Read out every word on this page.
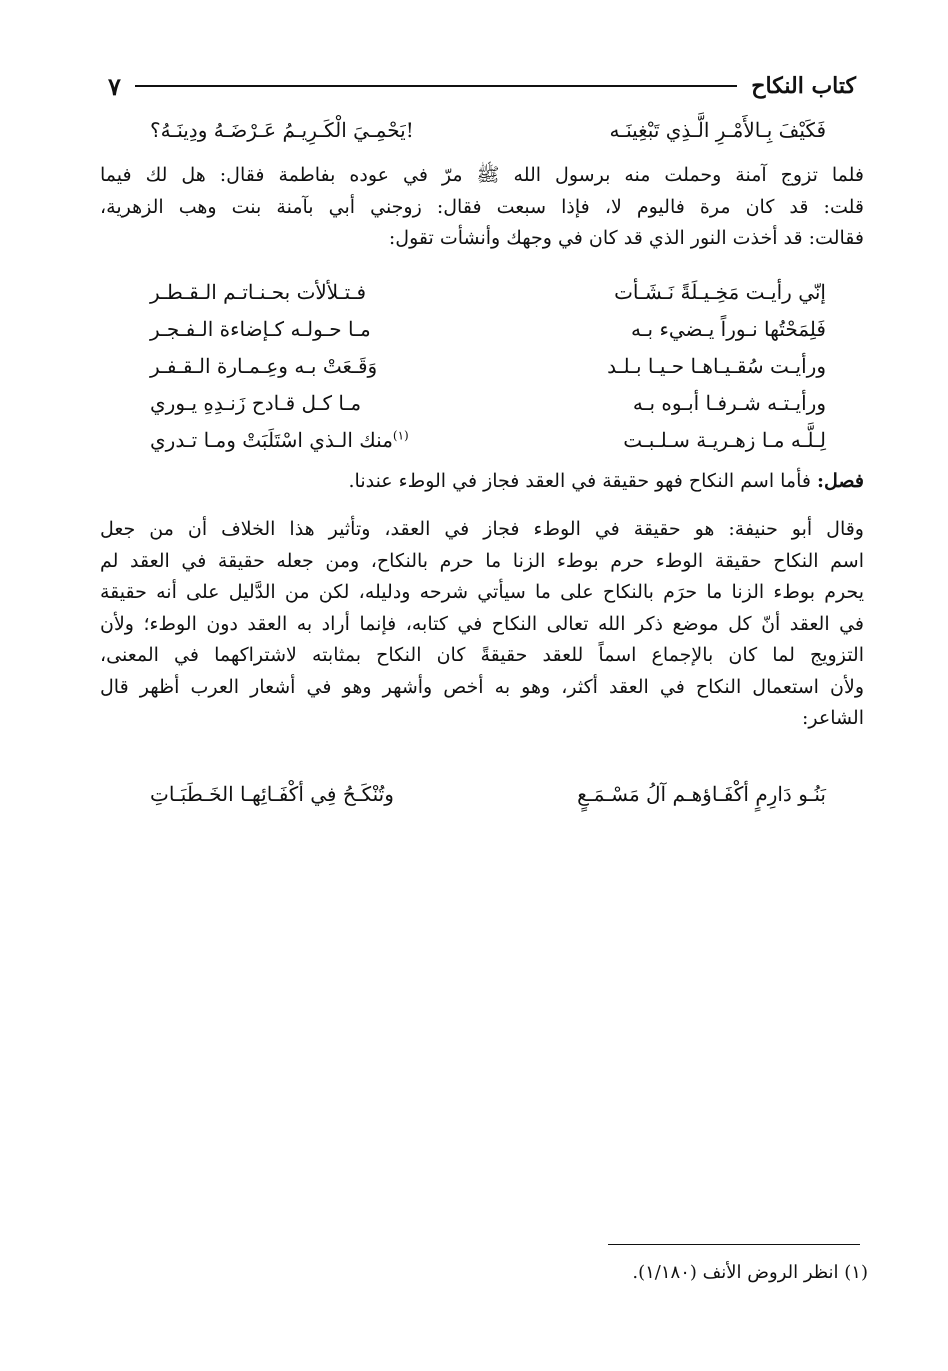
كتاب النكاح
٧
فَكَيْفَ بِـالأَمْـرِ الَّـذِي تَبْغِينَـه
يَحْمِـيَ الْكَـرِيـمُ عَـرْضَـهُ ودِينَـهُ؟!
فلما تزوج آمنة وحملت منه برسول الله ﷺ مرّ في عوده بفاطمة فقال: هل لك فيما
قلت: قد كان مرة فاليوم لا، فإذا سبعت فقال: زوجني أبي بآمنة بنت وهب الزهرية،
فقالت: قد أخذت النور الذي قد كان في وجهك وأنشأت تقول:
إنّي رأيـت مَخِـيـلَةً نَـشَـأت
فـتـلألأت بحـنـاتـم الـقـطـر
فَلِمَحْتُها نـوراً يـضيء بـه
مـا حـولـه كـإضاءة الـفـجـر
ورأيـت سُقـيـاهـا حـيـا بـلـد
وَقَـعَتْ بـه وعِـمـارة الـقـفـر
ورأيـتـه شـرفـا أبـوه بـه
مـا كـل قـادح زَنـدِهِ يـوري
لِـلَّـه مـا زهـريـة سـلـبـت
منك الـذي اسْتَلَبَتْ ومـا تـدري$^{(١)}$
فصل: فأما اسم النكاح فهو حقيقة في العقد فجاز في الوطء عندنا.
وقال أبو حنيفة: هو حقيقة في الوطء فجاز في العقد، وتأثير هذا الخلاف أن من جعل
اسم النكاح حقيقة الوطء حرم بوطء الزنا ما حرم بالنكاح، ومن جعله حقيقة في العقد لم
يحرم بوطء الزنا ما حرَم بالنكاح على ما سيأتي شرحه ودليله، لكن من الدَّليل على أنه حقيقة
في العقد أنّ كل موضع ذكر الله تعالى النكاح في كتابه، فإنما أراد به العقد دون الوطء؛ ولأن
التزويج لما كان بالإجماع اسماً للعقد حقيقةً كان النكاح بمثابته لاشتراكهما في المعنى،
ولأن استعمال النكاح في العقد أكثر، وهو به أخص وأشهر وهو في أشعار العرب أظهر قال
الشاعر:
بَنُـو دَارِمٍ أكْفَـاؤهـم آلُ مَسْـمَـعٍ
وتُنْكَـحُ فِي أكْفَـائِهـا الخَـطَبَـاتِ
(١) انظر الروض الأنف (١/١٨٠).
